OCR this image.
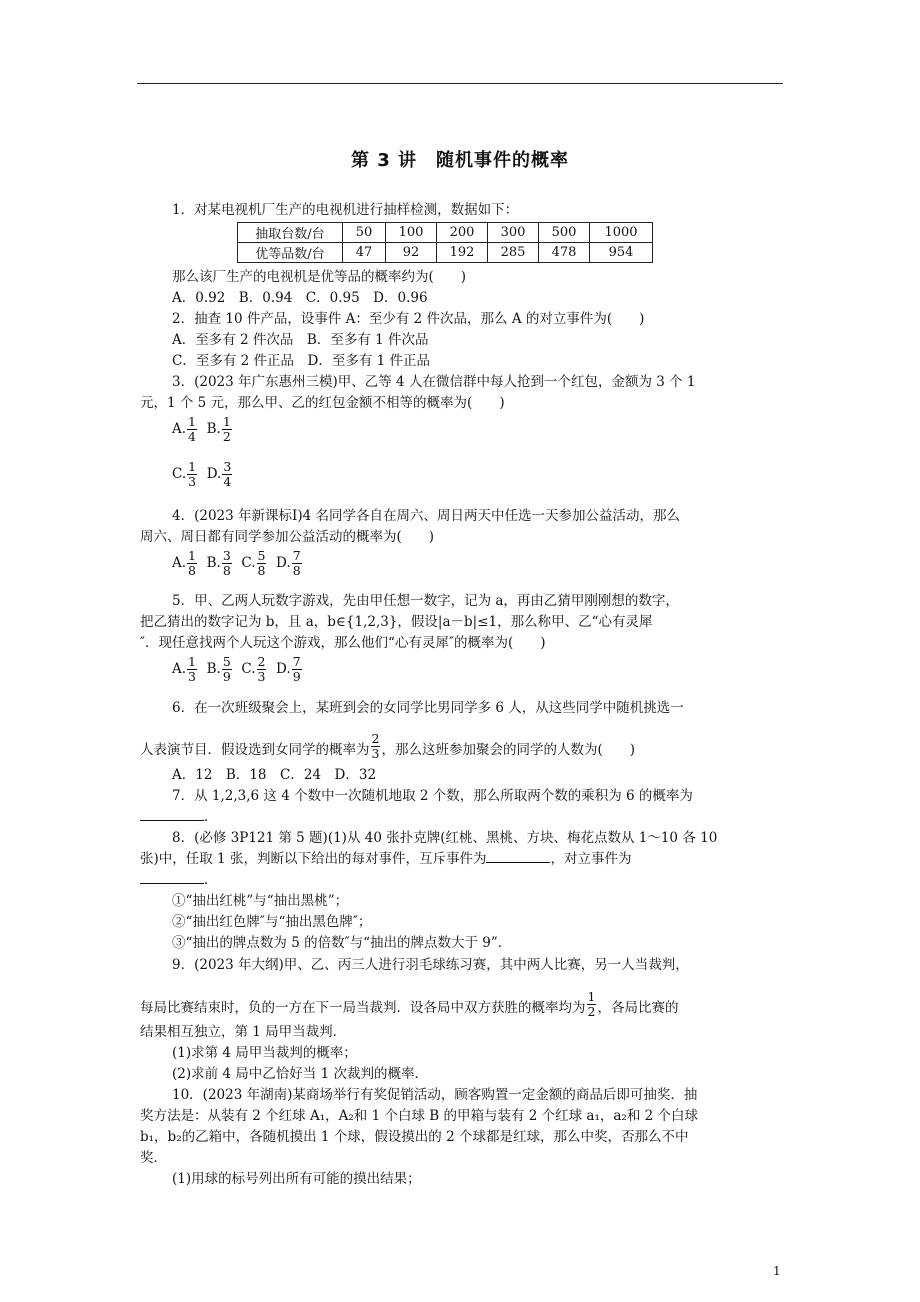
第 3 讲　随机事件的概率
1．对某电视机厂生产的电视机进行抽样检测，数据如下：
抽取台数/台	50	100	200	300	500	1000
优等品数/台	47	92	192	285	478	954
那么该厂生产的电视机是优等品的概率约为(　　)
A．0.92　B．0.94　C．0.95　D．0.96
2．抽查 10 件产品，设事件 A：至少有 2 件次品，那么 A 的对立事件为(　　)
A．至多有 2 件次品　B．至多有 1 件次品
C．至多有 2 件正品　D．至多有 1 件正品
3．(2023 年广东惠州三模)甲、乙等 4 人在微信群中每人抢到一个红包，金额为 3 个 1
元，1 个 5 元，那么甲、乙的红包金额不相等的概率为(　　)
A. $\frac{1}{4} B$. $\frac{1}{2}$
C. $\frac{1}{3} D$. $\frac{3}{4}$
4．(2023 年新课标Ⅰ)4 名同学各自在周六、周日两天中任选一天参加公益活动，那么
周六、周日都有同学参加公益活动的概率为(　　)
A. $\frac{1}{8} B$. $\frac{3}{8} C$. $\frac{5}{8} D$. $\frac{7}{8}$
5．甲、乙两人玩数字游戏，先由甲任想一数字，记为 a，再由乙猜甲刚刚想的数字，
把乙猜出的数字记为 b，且 a，b∈{1,2,3}，假设|a－b|≤1，那么称甲、乙“心有灵犀
″．现任意找两个人玩这个游戏，那么他们“心有灵犀″的概率为(　　)
A. $\frac{1}{3} B$. $\frac{5}{9} C$. $\frac{2}{3} D$. $\frac{7}{9}$
6．在一次班级聚会上，某班到会的女同学比男同学多 6 人，从这些同学中随机挑选一
人表演节目．假设选到女同学的概率为 $\frac{2}{3}$ ，那么这班参加聚会的同学的人数为(　　)
A．12　B．18　C．24　D．32
7．从 1,2,3,6 这 4 个数中一次随机地取 2 个数，那么所取两个数的乘积为 6 的概率为
．
8．(必修 3P121 第 5 题)(1)从 40 张扑克牌(红桃、黑桃、方块、梅花点数从 1～10 各 10
张)中，任取 1 张，判断以下给出的每对事件，互斥事件为	，对立事件为
．
①“抽出红桃”与“抽出黑桃”；
②“抽出红色牌″与“抽出黑色牌″；
③“抽出的牌点数为 5 的倍数″与“抽出的牌点数大于 9”．
9．(2023 年大纲)甲、乙、丙三人进行羽毛球练习赛，其中两人比赛，另一人当裁判，
每局比赛结束时，负的一方在下一局当裁判．设各局中双方获胜的概率均为 $\frac{1}{2}$ ，各局比赛的
结果相互独立，第 1 局甲当裁判．
(1)求第 4 局甲当裁判的概率；
(2)求前 4 局中乙恰好当 1 次裁判的概率．
10．(2023 年湖南)某商场举行有奖促销活动，顾客购置一定金额的商品后即可抽奖．抽
奖方法是：从装有 2 个红球 A₁，A₂和 1 个白球 B 的甲箱与装有 2 个红球 a₁，a₂和 2 个白球
b₁，b₂的乙箱中，各随机摸出 1 个球，假设摸出的 2 个球都是红球，那么中奖，否那么不中
奖．
(1)用球的标号列出所有可能的摸出结果；
1
